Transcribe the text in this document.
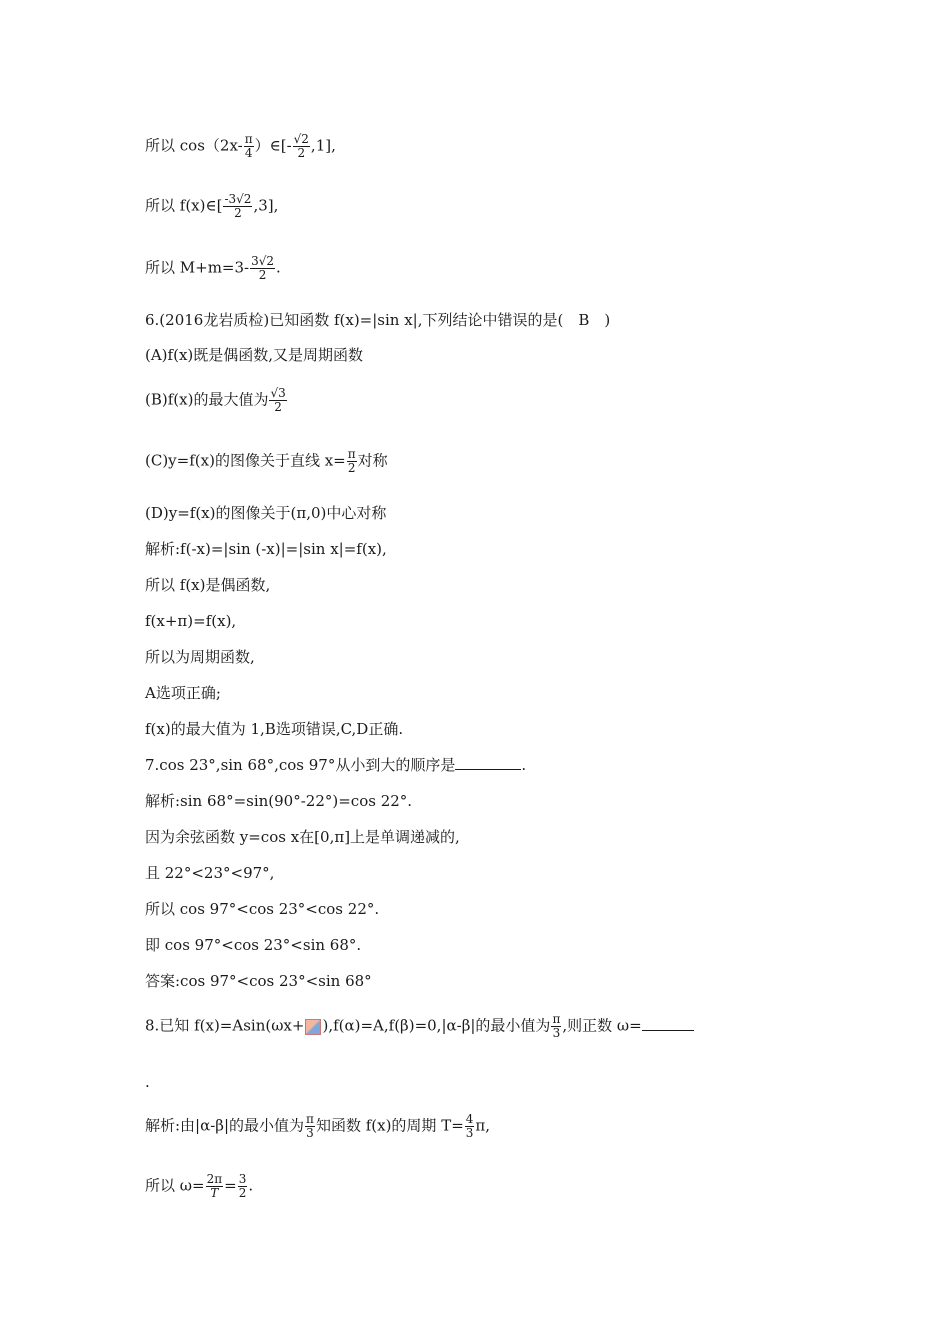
所以 $\cos(2x- \frac{\pi}{4}$ ）∈[- $\frac{√2}{2} ,1$],
所以 f(x)∈[ $\frac{-3√2}{2} ,3$],
所以 $M+m=3- \frac{3√2}{2}$ .
6.(2016龙岩质检)已知函数 f(x)=|sin x|,下列结论中错误的是(　B　)
(A)f(x)既是偶函数,又是周期函数
(B)f(x)的最大值为 $\frac{√3}{2}$
(C)y=f(x)的图像关于直线 $x= \frac{\pi}{2}$ 对称
(D)y=f(x)的图像关于(π,0)中心对称
解析:f(-x)=|sin (-x)|=|sin x|=f(x),
所以 f(x)是偶函数,
f(x+π)=f(x),
所以为周期函数,
A选项正确;
f(x)的最大值为 1,B选项错误,C,D正确.
7.cos 23°,sin 68°,cos 97°从小到大的顺序是	.
解析:sin 68°=sin(90°-22°)=cos 22°.
因为余弦函数 y=cos x在[0,π]上是单调递减的,
且 22°<23°<97°,
所以 cos 97°<cos 23°<cos 22°.
即 cos 97°<cos 23°<sin 68°.
答案:cos 97°<cos 23°<sin 68°
8.已知 f(x)=Asin(ωx+ ),f(α)=A,f(β)=0,|α-β|的最小值为 $\frac{\pi}{3}$ ,则正数 ω=
.
解析:由|α-β|的最小值为 $\frac{\pi}{3}$ 知函数 f(x)的周期 $T= \frac{4}{3} \pi$,
所以 $\omega= \frac{2\pi}{T} = \frac{3}{2}$ .
